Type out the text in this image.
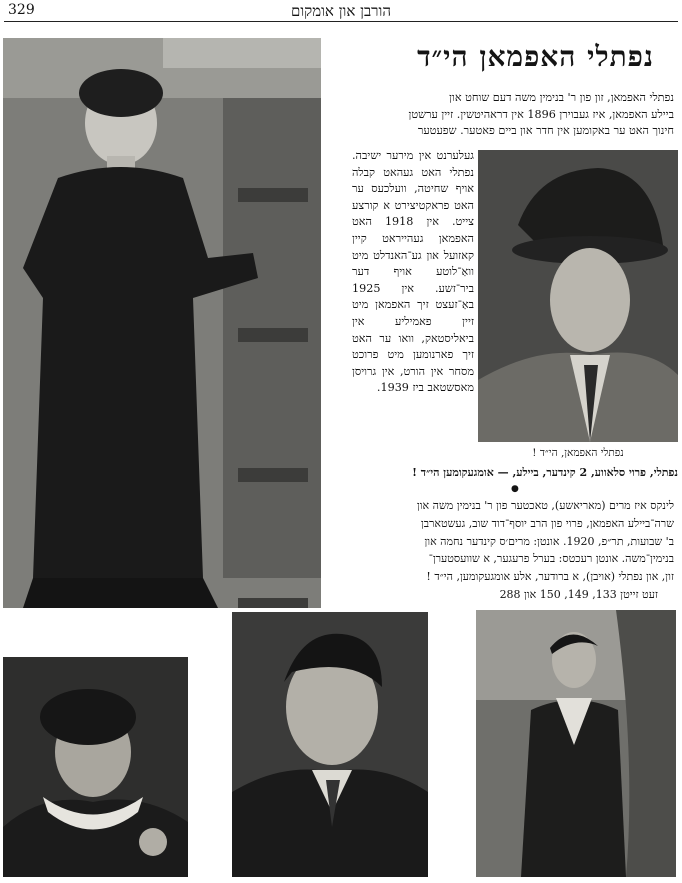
329	הורבן און אומקום
נפתלי האפמאן הי״ד
נפתלי האפמאן, זון פון ר' בנימין משה דעם שוחט און
ביילע האפמאן, איז געבוירן 1896 אין דראהיטשין. זיין ערשטן
חינוך האט ער באקומען אין חדר און ביים פאטער. שפעטער
נפתלי האפמאן, הי״ד !
געלערנט אין מירער ישיבה. נפתלי האט געהאט קבלה אויף שחיטה, וועלכעס ער האט פראקטיצירט א קורצע צייט. אין 1918 האט האפמאן געהייראט קיין קאזועל און גע־האנדלט מיט וואַ־לוטע אויף דער ביר־זשע. אין 1925 באַ־זעצט זיך האפמאן מיט זיין פאמיליע אין ביאליסטאק, וואו ער האט זיך פארנומען מיט פרוכט מסחר אין הורט, אין גרויסן מאסשטאב ביז 1939.
נפתלי, פרוי סלאווע, 2 קינדער, ביילע, — אומגעקומען הי״ד !
●
לינקס איז מרים (מאריאשע), טאכטער פון ר' בנימין משה און
שרה־ביילע האפמאן, פרוי פון הרב יוסף־דוד שוב, געשטארבן
ב' שבועות, תר״פ, 1920. אונטן: מרים׳ס קינדער נחמה און
בנימין־משה. אונטן רעכטס: בערל פרעגער, א שוועסטערן־
זון, און נפתלי (אויבן), א ברודער, אלע אומגעקומען, הי״ד !
זעט זייטן 133, 149, 150 און 288
